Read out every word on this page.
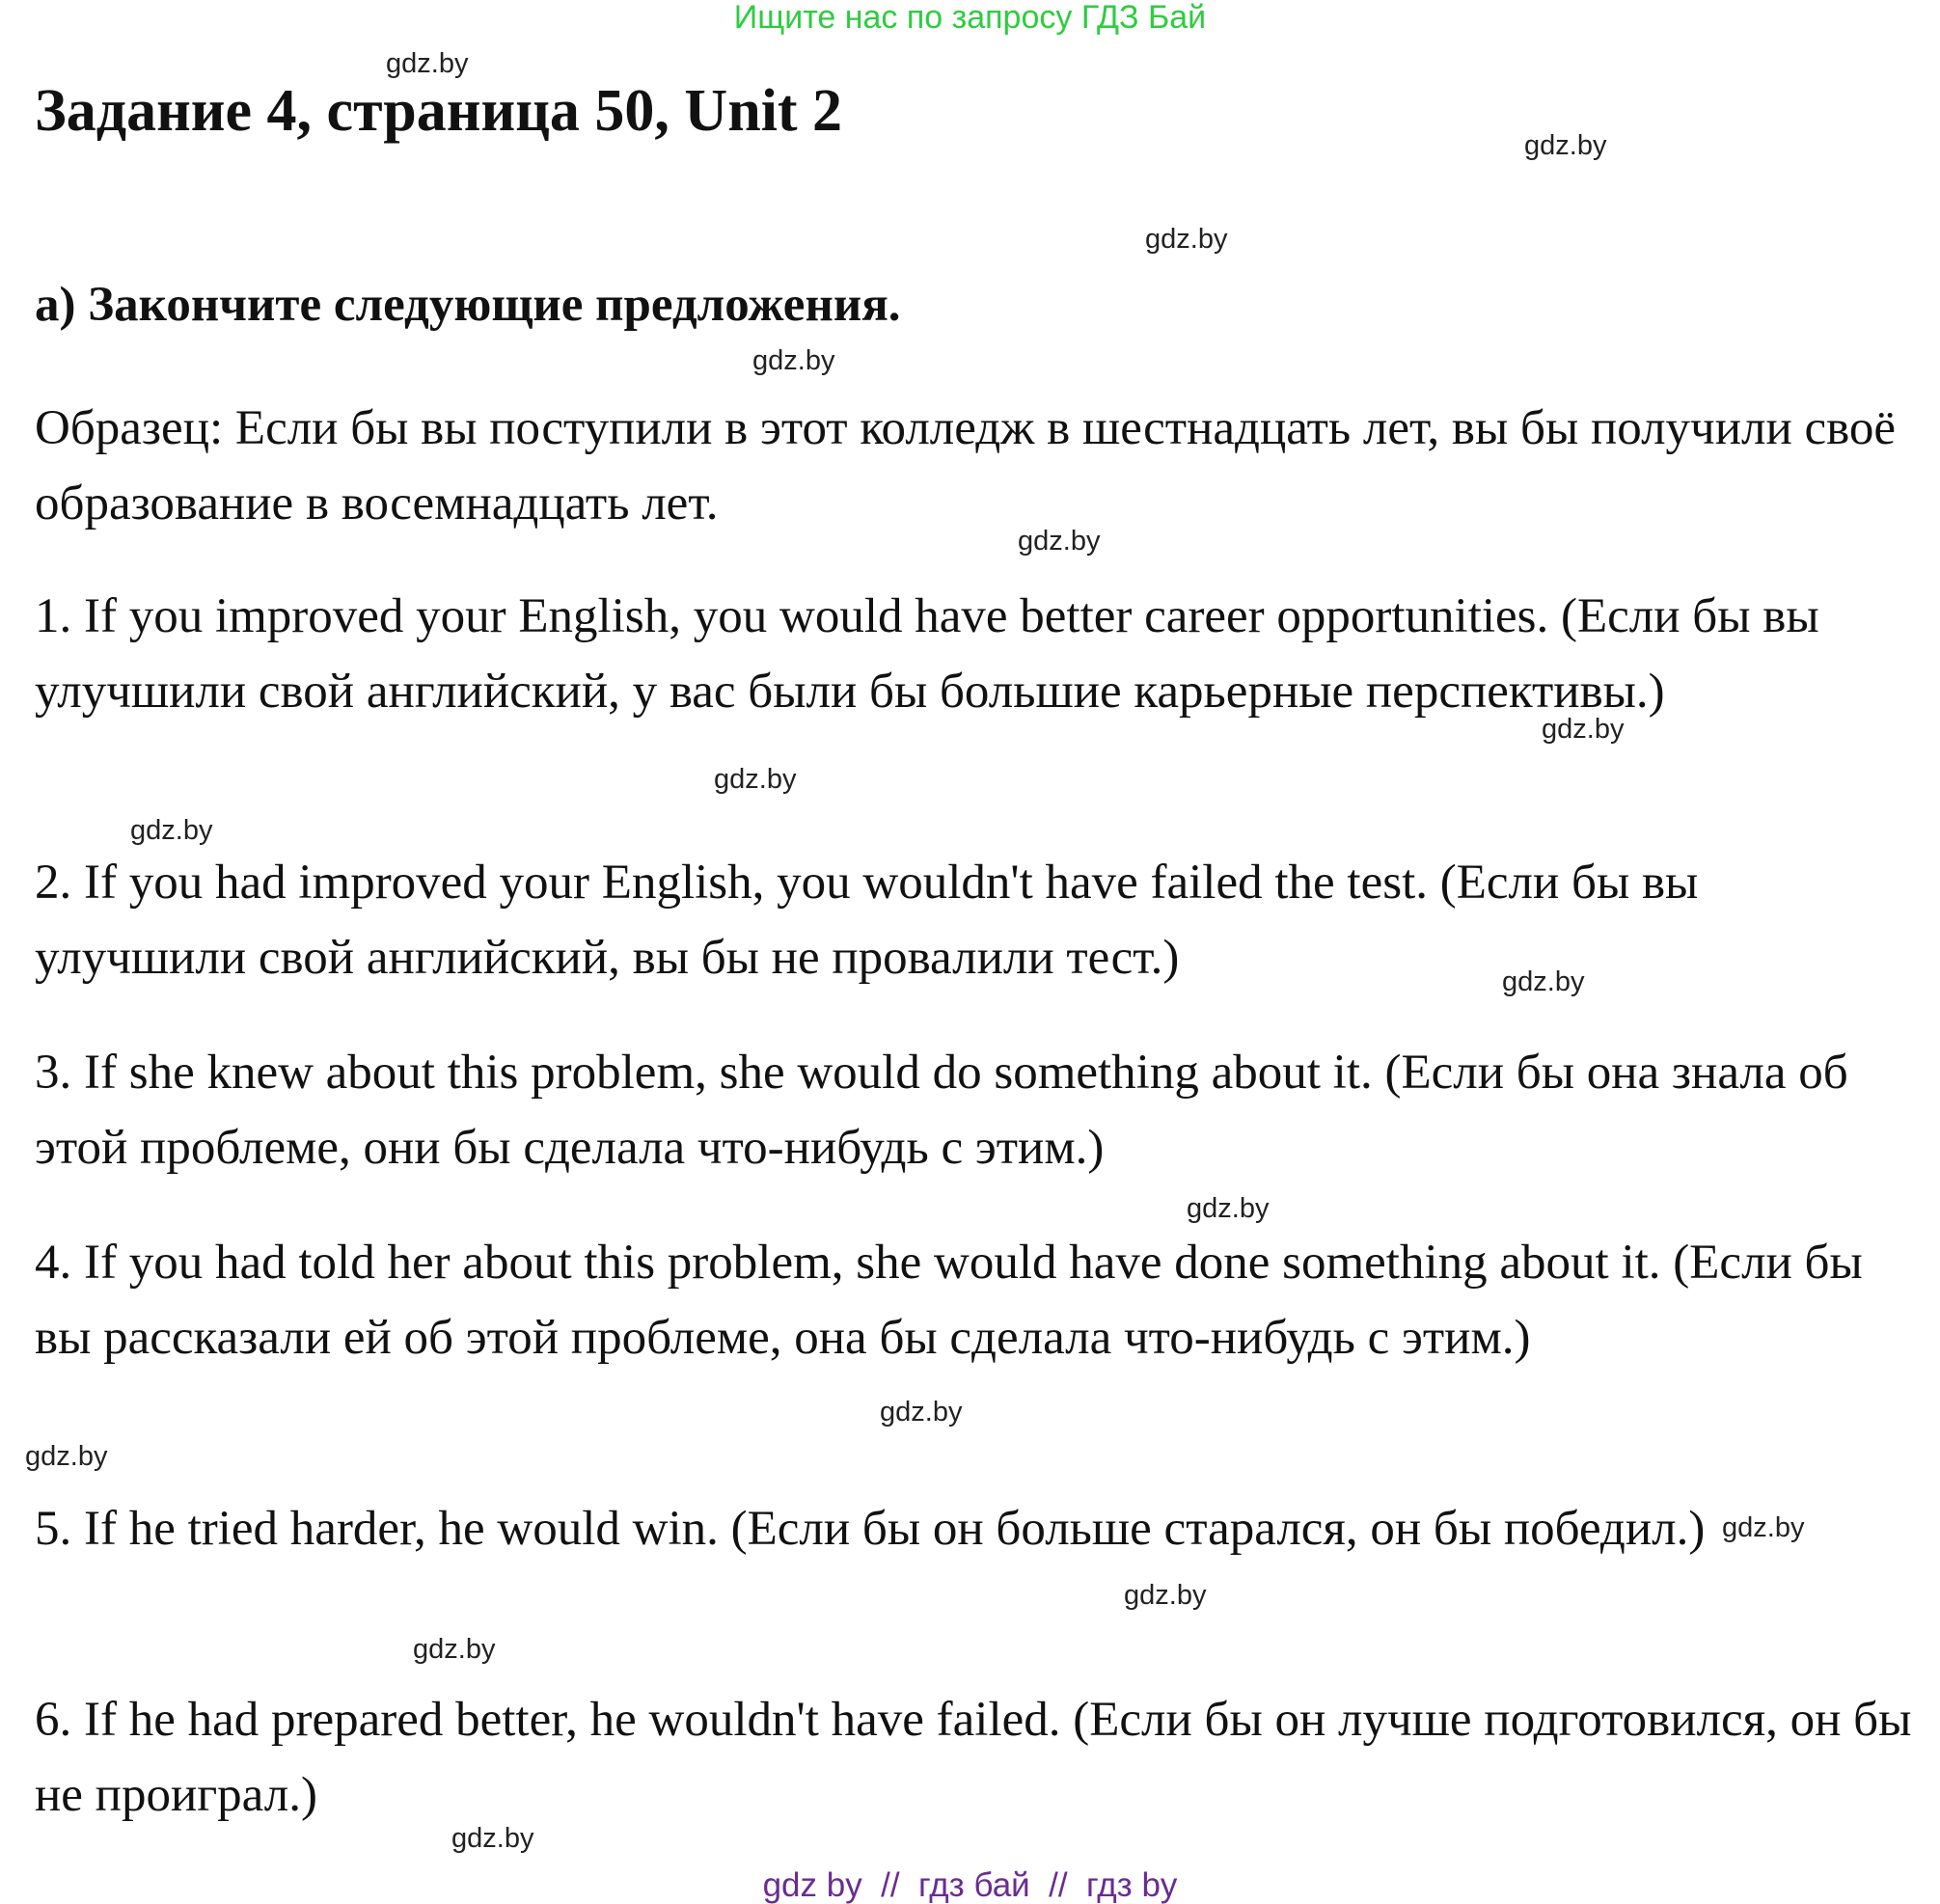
Ищите нас по запросу ГДЗ Бай
Задание 4, страница 50, Unit 2
а) Закончите следующие предложения.

Образец: Если бы вы поступили в этот колледж в шестнадцать лет, вы бы получили своё образование в восемнадцать лет.

1. If you improved your English, you would have better career opportunities. (Если бы вы улучшили свой английский, у вас были бы большие карьерные перспективы.)

2. If you had improved your English, you wouldn't have failed the test. (Если бы вы улучшили свой английский, вы бы не провалили тест.)

3. If she knew about this problem, she would do something about it. (Если бы она знала об этой проблеме, они бы сделала что-нибудь с этим.)

4. If you had told her about this problem, she would have done something about it. (Если бы вы рассказали ей об этой проблеме, она бы сделала что-нибудь с этим.)

5. If he tried harder, he would win. (Если бы он больше старался, он бы победил.)

6. If he had prepared better, he wouldn't have failed. (Если бы он лучше подготовился, он бы не проиграл.)

gdz.by
gdz.by
gdz.by
gdz.by
gdz.by
gdz.by
gdz.by
gdz.by
gdz.by
gdz.by
gdz.by
gdz.by
gdz.by
gdz.by
gdz.by
gdz.by
gdz by  //  гдз бай  //  гдз by
